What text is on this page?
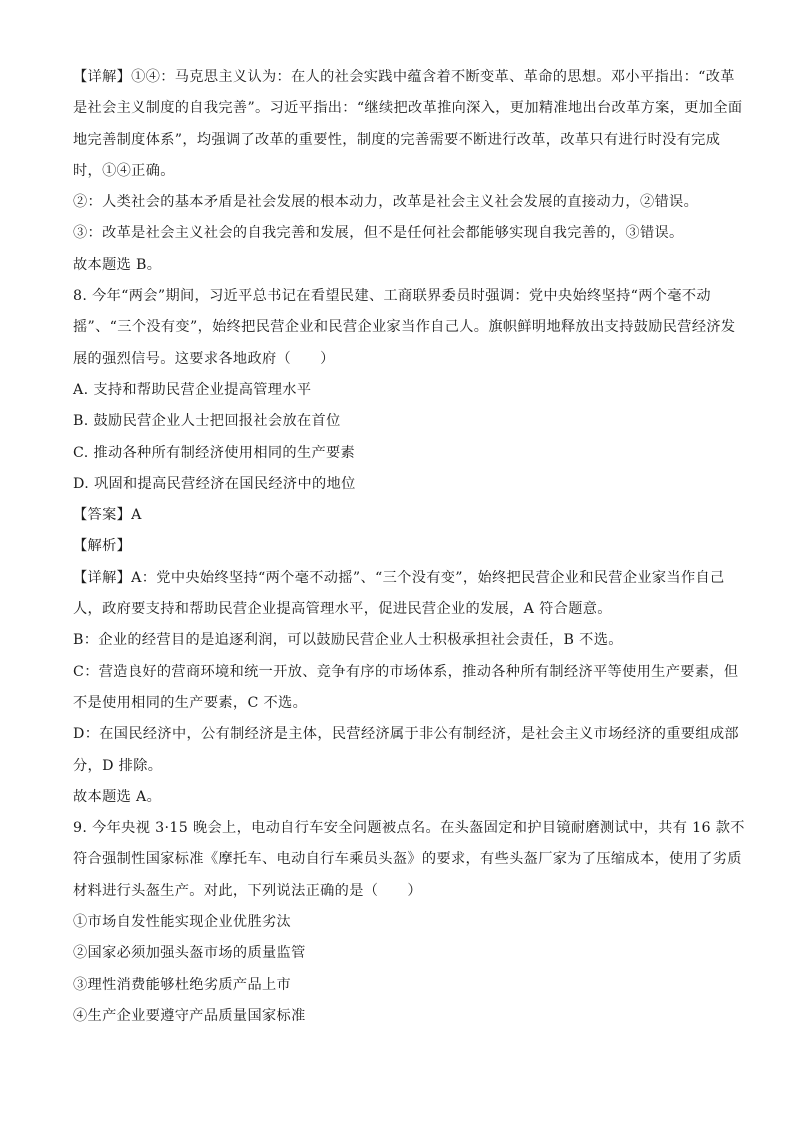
【详解】①④：马克思主义认为：在人的社会实践中蕴含着不断变革、革命的思想。邓小平指出：“改革
是社会主义制度的自我完善”。习近平指出：“继续把改革推向深入，更加精准地出台改革方案，更加全面
地完善制度体系”，均强调了改革的重要性，制度的完善需要不断进行改革，改革只有进行时没有完成
时，①④正确。
②：人类社会的基本矛盾是社会发展的根本动力，改革是社会主义社会发展的直接动力，②错误。
③：改革是社会主义社会的自我完善和发展，但不是任何社会都能够实现自我完善的，③错误。
故本题选 B。
8. 今年“两会”期间，习近平总书记在看望民建、工商联界委员时强调：党中央始终坚持“两个毫不动
摇”、“三个没有变”，始终把民营企业和民营企业家当作自己人。旗帜鲜明地释放出支持鼓励民营经济发
展的强烈信号。这要求各地政府（　　）
A. 支持和帮助民营企业提高管理水平
B. 鼓励民营企业人士把回报社会放在首位
C. 推动各种所有制经济使用相同的生产要素
D. 巩固和提高民营经济在国民经济中的地位
【答案】A
【解析】
【详解】A：党中央始终坚持“两个毫不动摇”、“三个没有变”，始终把民营企业和民营企业家当作自己
人，政府要支持和帮助民营企业提高管理水平，促进民营企业的发展，A 符合题意。
B：企业的经营目的是追逐利润，可以鼓励民营企业人士积极承担社会责任，B 不选。
C：营造良好的营商环境和统一开放、竞争有序的市场体系，推动各种所有制经济平等使用生产要素，但
不是使用相同的生产要素，C 不选。
D：在国民经济中，公有制经济是主体，民营经济属于非公有制经济，是社会主义市场经济的重要组成部
分，D 排除。
故本题选 A。
9. 今年央视 3·15 晚会上，电动自行车安全问题被点名。在头盔固定和护目镜耐磨测试中，共有 16 款不
符合强制性国家标准《摩托车、电动自行车乘员头盔》的要求，有些头盔厂家为了压缩成本，使用了劣质
材料进行头盔生产。对此，下列说法正确的是（　　）
①市场自发性能实现企业优胜劣汰
②国家必须加强头盔市场的质量监管
③理性消费能够杜绝劣质产品上市
④生产企业要遵守产品质量国家标准
